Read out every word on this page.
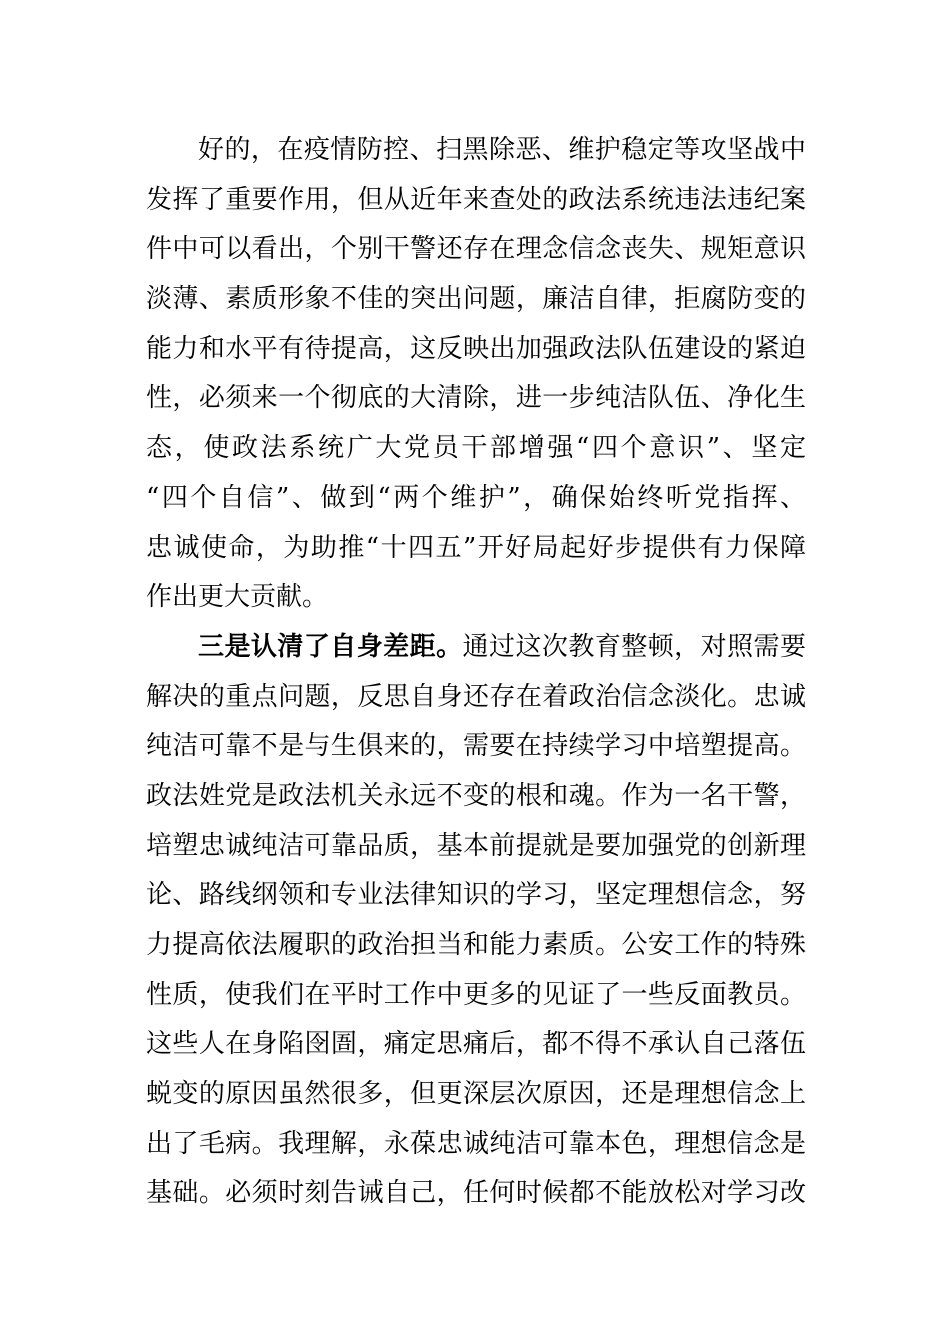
好的，在疫情防控、扫黑除恶、维护稳定等攻坚战中
发挥了重要作用，但从近年来查处的政法系统违法违纪案
件中可以看出，个别干警还存在理念信念丧失、规矩意识
淡薄、素质形象不佳的突出问题，廉洁自律，拒腐防变的
能力和水平有待提高，这反映出加强政法队伍建设的紧迫
性，必须来一个彻底的大清除，进一步纯洁队伍、净化生
态，使政法系统广大党员干部增强“四个意识”、坚定
“四个自信”、做到“两个维护”，确保始终听党指挥、
忠诚使命，为助推“十四五”开好局起好步提供有力保障
作出更大贡献。
三是认清了自身差距。通过这次教育整顿，对照需要
解决的重点问题，反思自身还存在着政治信念淡化。忠诚
纯洁可靠不是与生俱来的，需要在持续学习中培塑提高。
政法姓党是政法机关永远不变的根和魂。作为一名干警，
培塑忠诚纯洁可靠品质，基本前提就是要加强党的创新理
论、路线纲领和专业法律知识的学习，坚定理想信念，努
力提高依法履职的政治担当和能力素质。公安工作的特殊
性质，使我们在平时工作中更多的见证了一些反面教员。
这些人在身陷囹圄，痛定思痛后，都不得不承认自己落伍
蜕变的原因虽然很多，但更深层次原因，还是理想信念上
出了毛病。我理解，永葆忠诚纯洁可靠本色，理想信念是
基础。必须时刻告诫自己，任何时候都不能放松对学习改
